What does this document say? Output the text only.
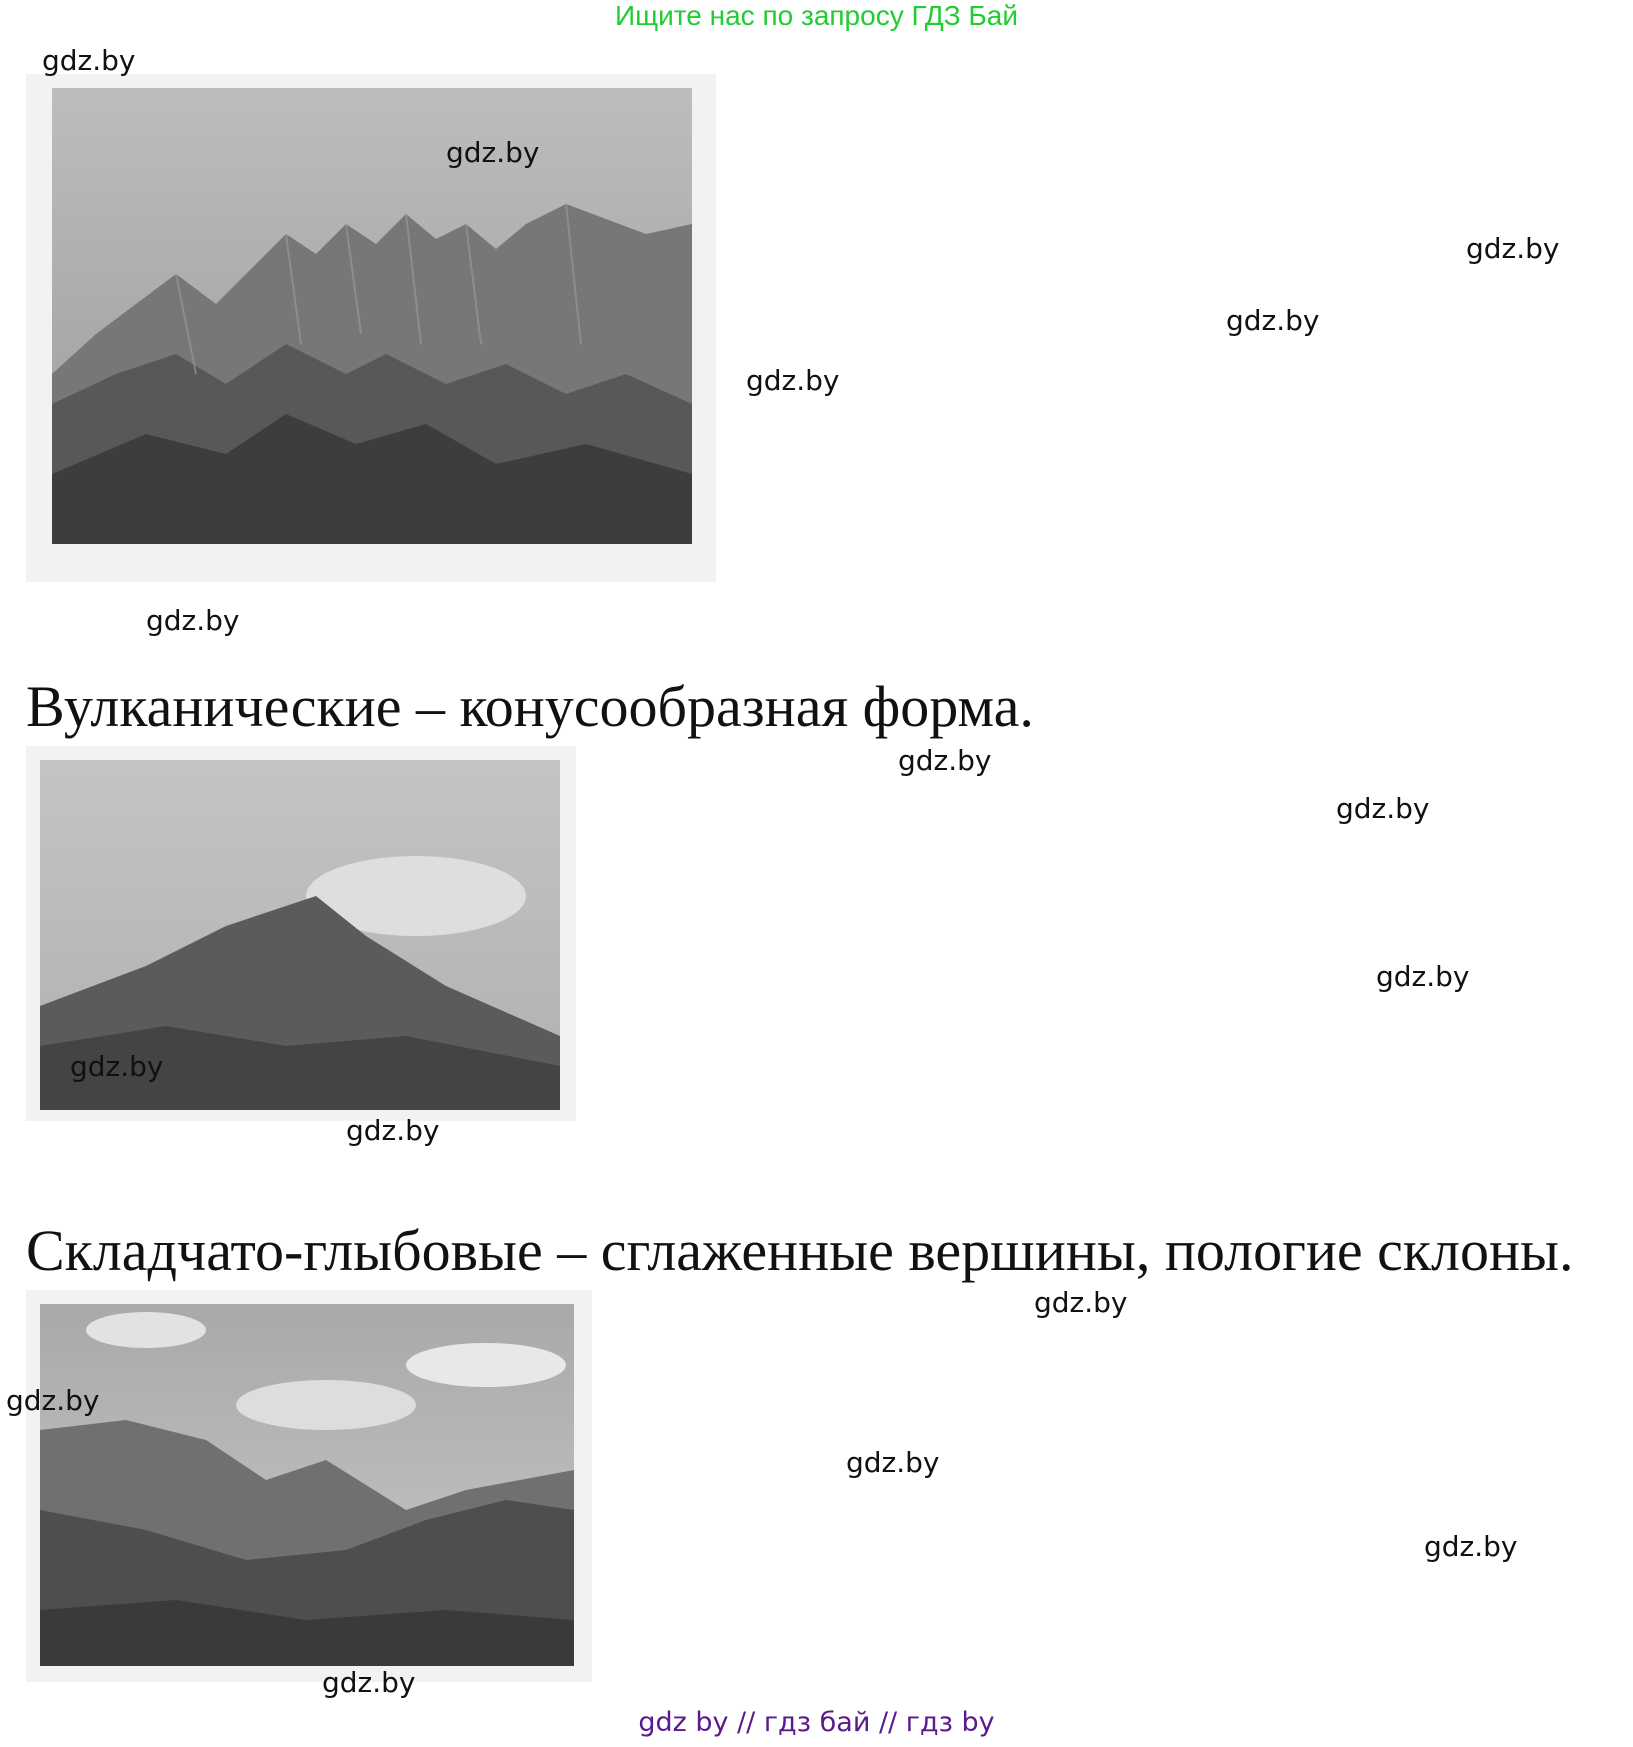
Ищите нас по запросу ГДЗ Бай
Вулканические – конусообразная форма.
Складчато-глыбовые – сглаженные вершины, пологие склоны.
gdz.by
gdz.by
gdz.by
gdz.by
gdz.by
gdz.by
gdz.by
gdz.by
gdz.by
gdz.by
gdz.by
gdz.by
gdz.by
gdz.by
gdz.by
gdz.by
gdz by // гдз бай // гдз by
